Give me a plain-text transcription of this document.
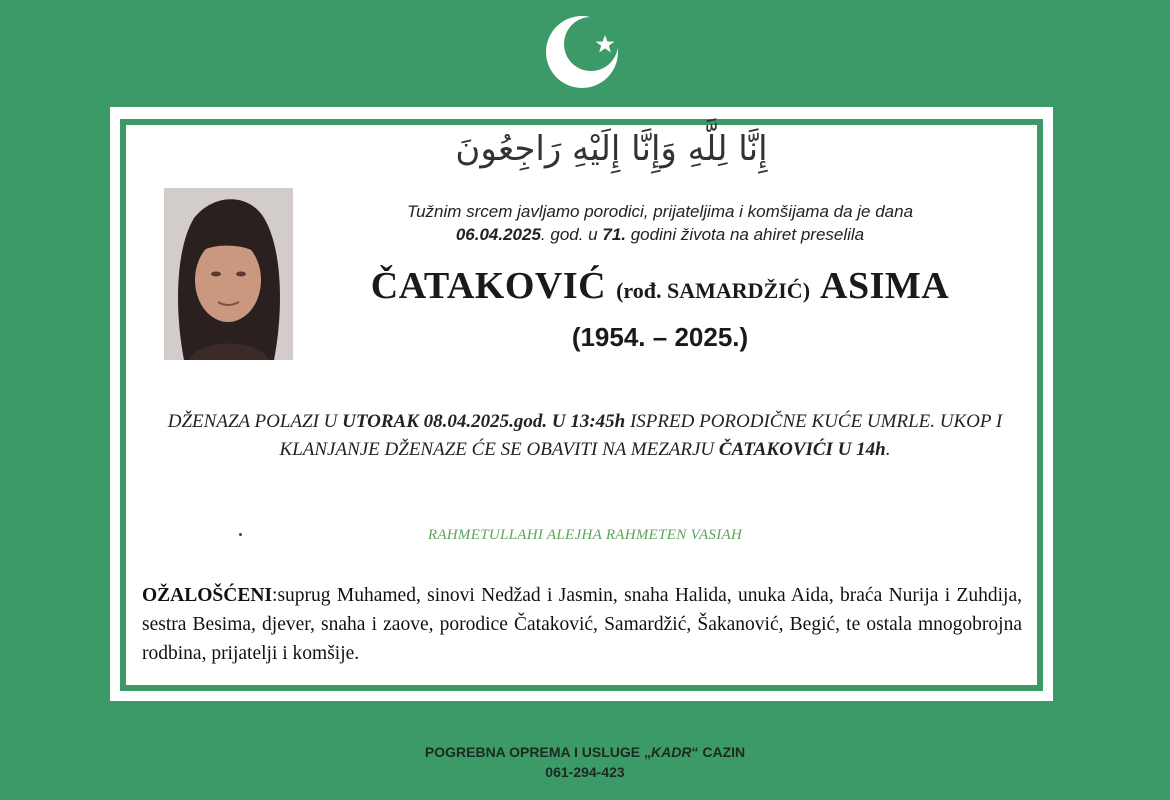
إِنَّا لِلَّهِ وَإِنَّا إِلَيْهِ رَاجِعُونَ
Tužnim srcem javljamo porodici, prijateljima i komšijama da je dana
06.04.2025. god. u 71. godini života na ahiret preselila
ČATAKOVIĆ (rođ. SAMARDŽIĆ) ASIMA
(1954. – 2025.)
DŽENAZA POLAZI U UTORAK 08.04.2025.god. U 13:45h ISPRED PORODIČNE KUĆE UMRLE. UKOP I KLANJANJE DŽENAZE ĆE SE OBAVITI NA MEZARJU ČATAKOVIĆI U 14h.
RAHMETULLAHI ALEJHA RAHMETEN VASIAH
OŽALOŠĆENI:suprug Muhamed, sinovi Nedžad i Jasmin, snaha Halida, unuka Aida, braća Nurija i Zuhdija, sestra Besima, djever, snaha i zaove, porodice Čataković, Samardžić, Šakanović, Begić, te ostala mnogobrojna rodbina, prijatelji i komšije.
POGREBNA OPREMA I USLUGE „KADR“ CAZIN
061-294-423
